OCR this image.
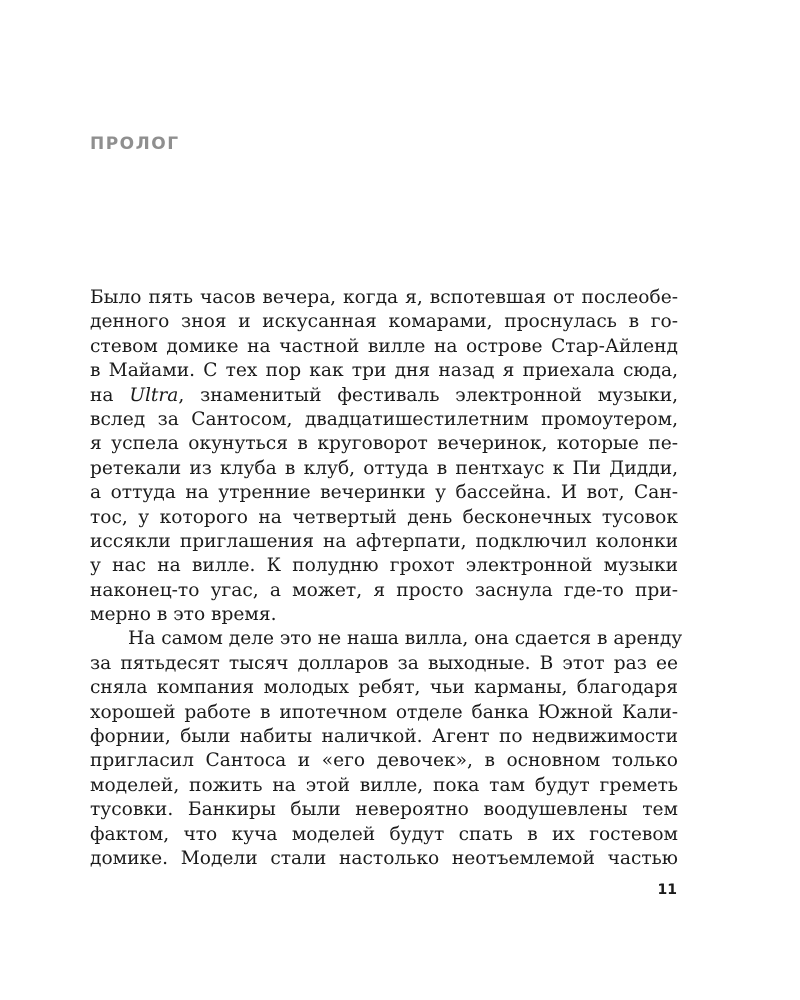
ПРОЛОГ
Было пять часов вечера, когда я, вспотевшая от послеобе-
денного зноя и искусанная комарами, проснулась в го-
стевом домике на частной вилле на острове Стар-Айленд
в Майами. С тех пор как три дня назад я приехала сюда,
на Ultra, знаменитый фестиваль электронной музыки,
вслед за Сантосом, двадцатишестилетним промоутером,
я успела окунуться в круговорот вечеринок, которые пе-
ретекали из клуба в клуб, оттуда в пентхаус к Пи Дидди,
а оттуда на утренние вечеринки у бассейна. И вот, Сан-
тос, у которого на четвертый день бесконечных тусовок
иссякли приглашения на афтерпати, подключил колонки
у нас на вилле. К полудню грохот электронной музыки
наконец-то угас, а может, я просто заснула где-то при-
мерно в это время.
На самом деле это не наша вилла, она сдается в аренду
за пятьдесят тысяч долларов за выходные. В этот раз ее
сняла компания молодых ребят, чьи карманы, благодаря
хорошей работе в ипотечном отделе банка Южной Кали-
форнии, были набиты наличкой. Агент по недвижимости
пригласил Сантоса и «его девочек», в основном только
моделей, пожить на этой вилле, пока там будут греметь
тусовки. Банкиры были невероятно воодушевлены тем
фактом, что куча моделей будут спать в их гостевом
домике. Модели стали настолько неотъемлемой частью
11
